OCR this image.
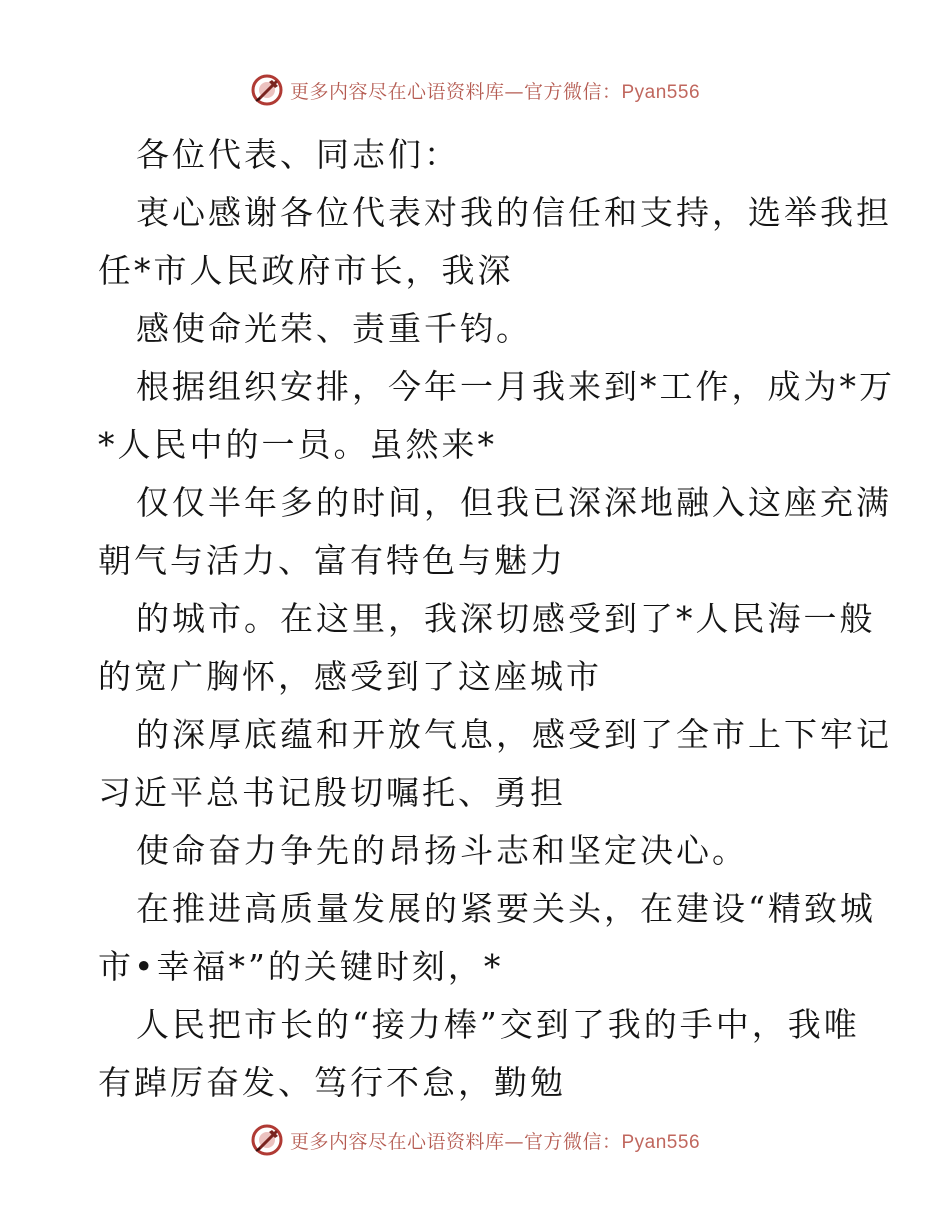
更多内容尽在心语资料库—官方微信：Pyan556
各位代表、同志们：
衷心感谢各位代表对我的信任和支持，选举我担
任*市人民政府市长，我深
感使命光荣、责重千钧。
根据组织安排，今年一月我来到*工作，成为*万
*人民中的一员。虽然来*
仅仅半年多的时间，但我已深深地融入这座充满
朝气与活力、富有特色与魅力
的城市。在这里，我深切感受到了*人民海一般
的宽广胸怀，感受到了这座城市
的深厚底蕴和开放气息，感受到了全市上下牢记
习近平总书记殷切嘱托、勇担
使命奋力争先的昂扬斗志和坚定决心。
在推进高质量发展的紧要关头，在建设“精致城
市•幸福*”的关键时刻，*
人民把市长的“接力棒”交到了我的手中，我唯
有踔厉奋发、笃行不怠，勤勉
更多内容尽在心语资料库—官方微信：Pyan556
